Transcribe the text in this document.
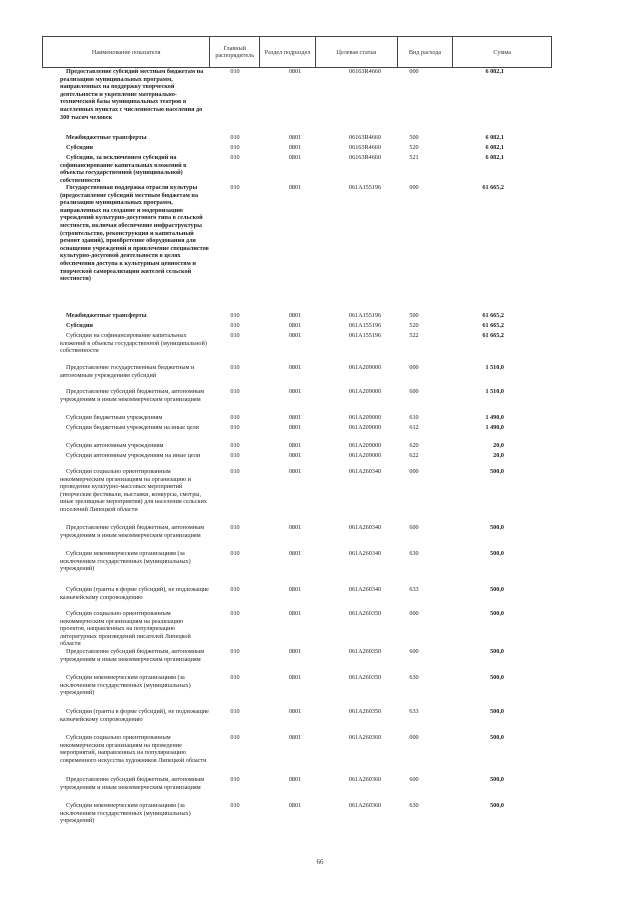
Наименование показателя	Главный распорядитель	Раздел подраздел	Целевая статья	Вид расхода	Сумма
Предоставление субсидий местным бюджетам на реализацию муниципальных программ, направленных на поддержку творческой деятельности и укрепление материально-технической базы муниципальных театров в населенных пунктах с численностью населения до 300 тысяч человек
010	0801	06163R4660	000	6 082,1
Межбюджетные трансферты	010	0801	06163R4660	500	6 082,1
Субсидии	010	0801	06163R4660	520	6 082,1
Субсидии, за исключением субсидий на софинансирование капитальных вложений в объекты государственной (муниципальной) собственности
010	0801	06163R4660	521	6 082,1
Государственная поддержка отрасли культуры (предоставление субсидий местным бюджетам на реализацию муниципальных программ, направленных на создание и модернизацию учреждений культурно-досугового типа в сельской местности, включая обеспечение инфраструктуры (строительство, реконструкция и капитальный ремонт зданий), приобретение оборудования для оснащения учреждений и привлечение специалистов культурно-досуговой деятельности в целях обеспечения доступа к культурным ценностям и творческой самореализации жителей сельской местности)
010	0801	061A155196	000	61 665,2
Межбюджетные трансферты	010	0801	061A155196	500	61 665,2
Субсидии	010	0801	061A155196	520	61 665,2
Субсидии на софинансирование капитальных вложений в объекты государственной (муниципальной) собственности
010	0801	061A155196	522	61 665,2
Предоставление государственным бюджетным и автономным учреждениям субсидий
010	0801	061A209000	000	1 510,0
Предоставление субсидий бюджетным, автономным учреждениям и иным некоммерческим организациям
010	0801	061A209000	600	1 510,0
Субсидии бюджетным учреждениям	010	0801	061A209000	610	1 490,0
Субсидии бюджетным учреждениям на иные цели	010	0801	061A209000	612	1 490,0
Субсидии автономным учреждениям	010	0801	061A209000	620	20,0
Субсидии автономным учреждениям на иные цели	010	0801	061A209000	622	20,0
Субсидии социально ориентированным некоммерческим организациям на организацию и проведение культурно-массовых мероприятий (творческие фестивали, выставки, конкурсы, смотры, иные зрелищные мероприятия) для населения сельских поселений Липецкой области
010	0801	061A260340	000	500,0
Предоставление субсидий бюджетным, автономным учреждениям и иным некоммерческим организациям
010	0801	061A260340	600	500,0
Субсидии некоммерческим организациям (за исключением государственных (муниципальных) учреждений)
010	0801	061A260340	630	500,0
Субсидии (гранты в форме субсидий), не подлежащие казначейскому сопровождению
010	0801	061A260340	633	500,0
Субсидии социально ориентированным некоммерческим организациям на реализацию проектов, направленных на популяризацию литературных произведений писателей Липецкой области
010	0801	061A260350	000	500,0
Предоставление субсидий бюджетным, автономным учреждениям и иным некоммерческим организациям
010	0801	061A260350	600	500,0
Субсидии некоммерческим организациям (за исключением государственных (муниципальных) учреждений)
010	0801	061A260350	630	500,0
Субсидии (гранты в форме субсидий), не подлежащие казначейскому сопровождению
010	0801	061A260350	633	500,0
Субсидии социально ориентированным некоммерческим организациям на проведение мероприятий, направленных на популяризацию современного искусства художников Липецкой области
010	0801	061A260360	000	500,0
Предоставление субсидий бюджетным, автономным учреждениям и иным некоммерческим организациям
010	0801	061A260360	600	500,0
Субсидии некоммерческим организациям (за исключением государственных (муниципальных) учреждений)
010	0801	061A260360	630	500,0
66
